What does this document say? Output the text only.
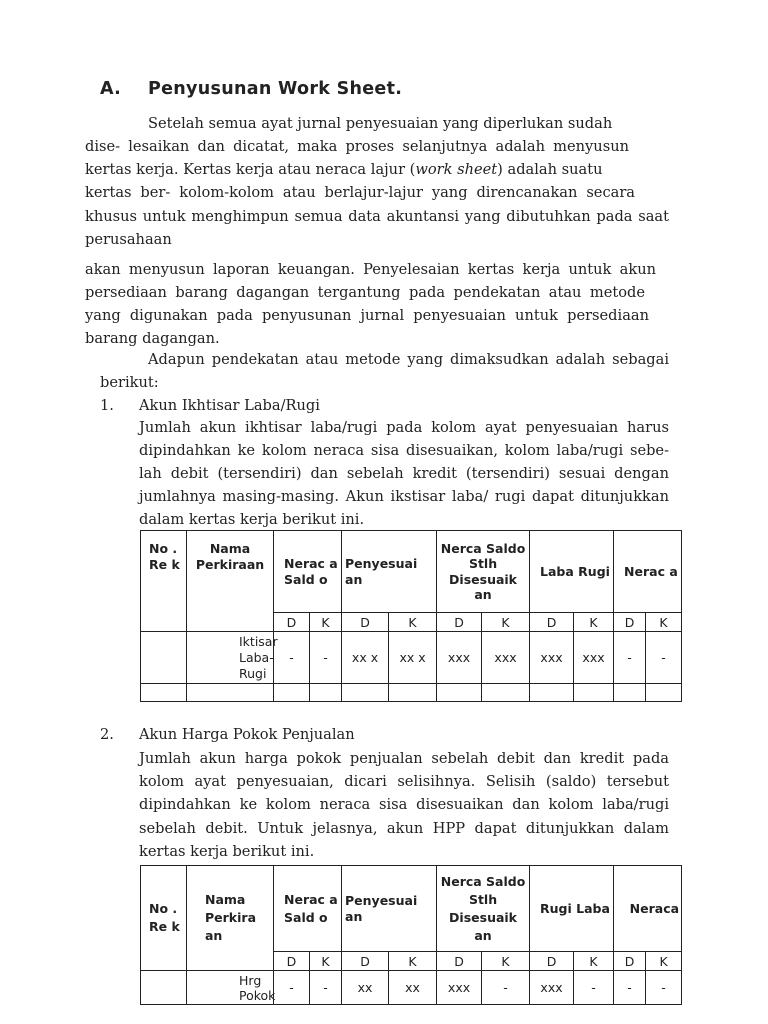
A. Penyusunan Work Sheet.
Setelah semua ayat jurnal penyesuaian yang diperlukan sudah
dise- lesaikan dan dicatat, maka proses selanjutnya adalah menyusun
kertas kerja. Kertas kerja atau neraca lajur (work sheet) adalah suatu
kertas ber- kolom-kolom atau berlajur-lajur yang direncanakan secara
khusus untuk menghimpun semua data akuntansi yang dibutuhkan pada saat
perusahaan
akan menyusun laporan keuangan. Penyelesaian kertas kerja untuk akun
persediaan barang dagangan tergantung pada pendekatan atau metode
yang digunakan pada penyusunan jurnal penyesuaian untuk persediaan
barang dagangan.
Adapun pendekatan atau metode yang dimaksudkan adalah sebagai
berikut:
1. Akun Ikhtisar Laba/Rugi
Jumlah akun ikhtisar laba/rugi pada kolom ayat penyesuaian harus
dipindahkan ke kolom neraca sisa disesuaikan, kolom laba/rugi sebe-
lah debit (tersendiri) dan sebelah kredit (tersendiri) sesuai dengan
jumlahnya masing-masing. Akun ikstisar laba/ rugi dapat ditunjukkan
dalam kertas kerja berikut ini.
No . Re k	Nama Perkiraan	Nerac a Sald o		Penyesuai an		Nerca Saldo Stlh Disesuaik an		Laba Rugi		Nerac a	
		D	K	D	K	D	K	D	K	D	K
	Iktisar Laba- Rugi	-	-	xx x	xx x	xxx	xxx	xxx	xxx	-	-

2. Akun Harga Pokok Penjualan
Jumlah akun harga pokok penjualan sebelah debit dan kredit pada
kolom ayat penyesuaian, dicari selisihnya. Selisih (saldo) tersebut
dipindahkan ke kolom neraca sisa disesuaikan dan kolom laba/rugi
sebelah debit. Untuk jelasnya, akun HPP dapat ditunjukkan dalam
kertas kerja berikut ini.
No . Re k	Nama Perkira an	Nerac a Sald o		Penyesuai an		Nerca Saldo Stlh Disesuaik an		Rugi Laba		Neraca	
		D	K	D	K	D	K	D	K	D	K
	Hrg Pokok	-	-	xx	xx	xxx	-	xxx	-	-	-
